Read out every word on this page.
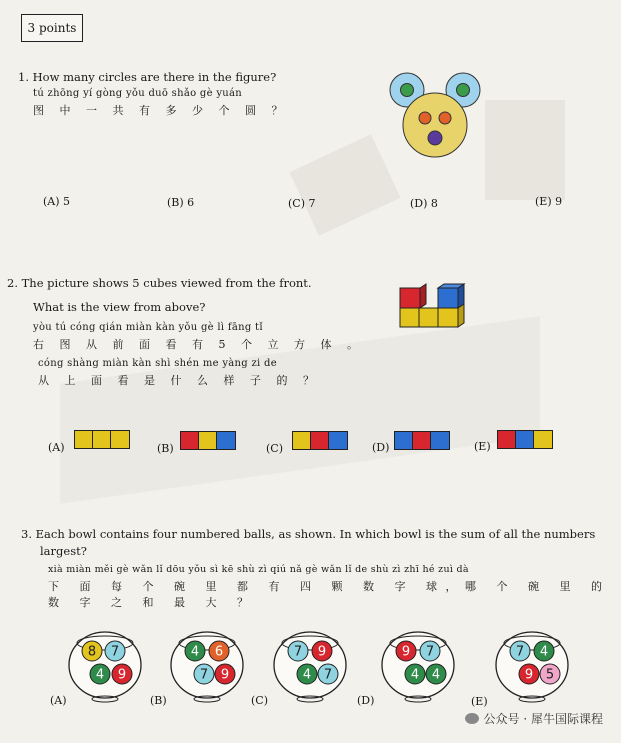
3 points
1. How many circles are there in the figure?
tú zhōng yí gòng yǒu duō shǎo gè yuán
图 中 一 共 有 多 少 个 圆 ？
(A) 5	(B) 6	(C) 7	(D) 8	(E) 9
2. The picture shows 5 cubes viewed from the front.
What is the view from above?
yòu tú cóng qián miàn kàn yǒu gè lì fāng tǐ
右 图 从 前 面 看 有 5 个 立 方 体 。
cóng shàng miàn kàn shì shén me yàng zi de
从 上 面 看 是 什 么 样 子 的 ？
(A)	(B)	(C)	(D)	(E)
3. Each bowl contains four numbered balls, as shown. In which bowl is the sum of all the numbers
largest?
xià miàn měi gè wǎn lǐ dōu yǒu sì kē shù zì qiú nǎ gè wǎn lǐ de shù zì zhī hé zuì dà
下 面 每 个 碗 里 都 有 四 颗 数 字 球，哪 个 碗 里 的 数 字 之 和 最 大 ？
8 7
4 9
4 6
7 9
7 9
4 7
9 7
4 4
7 4
9 5
(A)	(B)	(C)	(D)	(E)
公众号 · 犀牛国际课程
